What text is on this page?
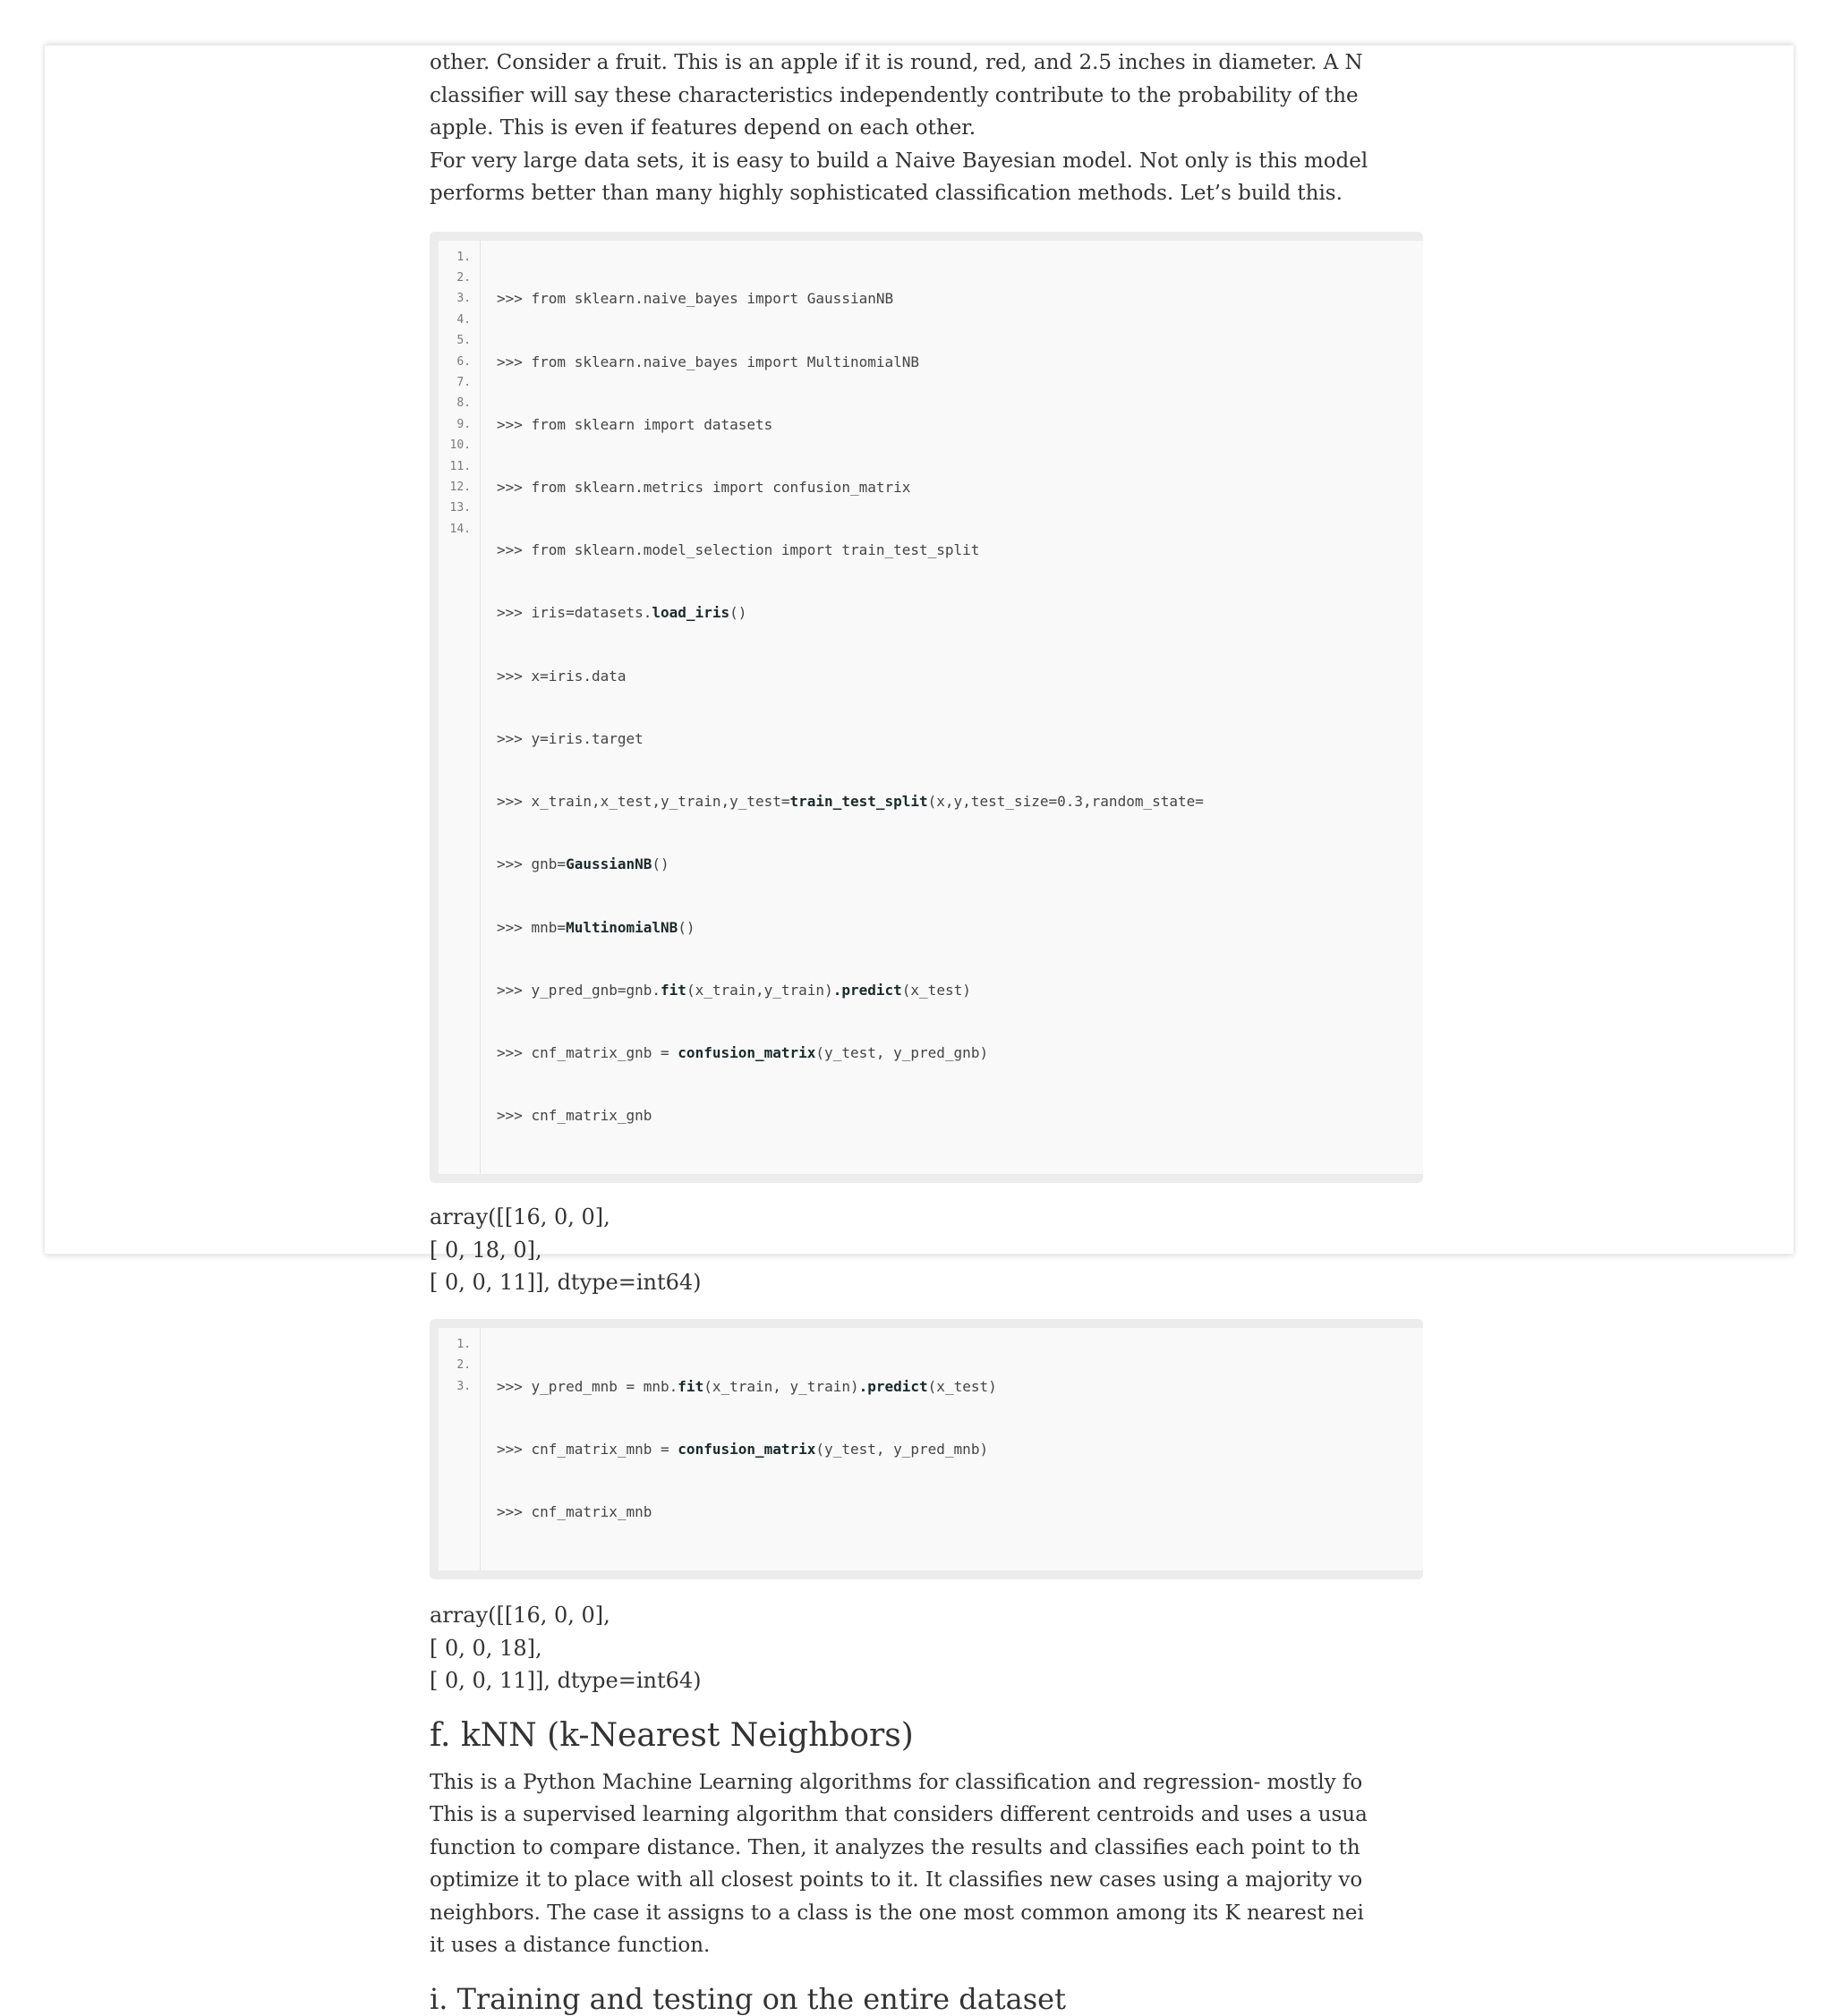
other. Consider a fruit. This is an apple if it is round, red, and 2.5 inches in diameter. A N
classifier will say these characteristics independently contribute to the probability of the
apple. This is even if features depend on each other.
For very large data sets, it is easy to build a Naive Bayesian model. Not only is this model
performs better than many highly sophisticated classification methods. Let’s build this.

1.
2.
3.
4.
5.
6.
7.
8.
9.
10.
11.
12.
13.
14.

>>> from sklearn.naive_bayes import GaussianNB

>>> from sklearn.naive_bayes import MultinomialNB

>>> from sklearn import datasets

>>> from sklearn.metrics import confusion_matrix

>>> from sklearn.model_selection import train_test_split

>>> iris=datasets.load_iris()

>>> x=iris.data

>>> y=iris.target

>>> x_train,x_test,y_train,y_test=train_test_split(x,y,test_size=0.3,random_state=

>>> gnb=GaussianNB()

>>> mnb=MultinomialNB()

>>> y_pred_gnb=gnb.fit(x_train,y_train).predict(x_test)

>>> cnf_matrix_gnb = confusion_matrix(y_test, y_pred_gnb)

>>> cnf_matrix_gnb

array([[16, 0, 0],
[ 0, 18, 0],
[ 0, 0, 11]], dtype=int64)

1.
2.
3.

	>>> y_pred_mnb = mnb.fit(x_train, y_train).predict(x_test)

>>> cnf_matrix_mnb = confusion_matrix(y_test, y_pred_mnb)

>>> cnf_matrix_mnb

array([[16, 0, 0],
[ 0, 0, 18],
[ 0, 0, 11]], dtype=int64)

f. kNN (k-Nearest Neighbors)

This is a Python Machine Learning algorithms for classification and regression- mostly fo
This is a supervised learning algorithm that considers different centroids and uses a usua
function to compare distance. Then, it analyzes the results and classifies each point to th
optimize it to place with all closest points to it. It classifies new cases using a majority vo
neighbors. The case it assigns to a class is the one most common among its K nearest nei
it uses a distance function.

i. Training and testing on the entire dataset
